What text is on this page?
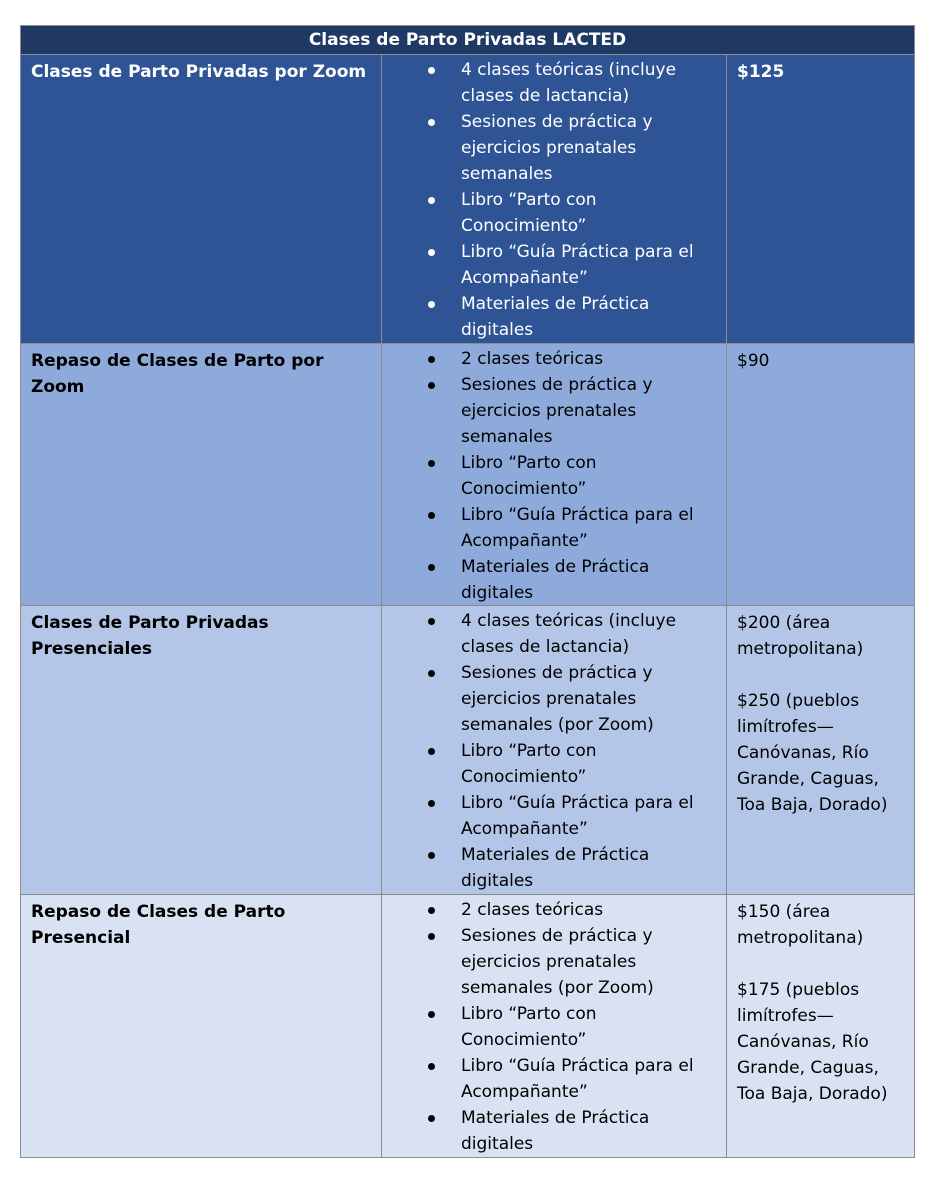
Clases de Parto Privadas LACTED
Clases de Parto Privadas por Zoom	4 clases teóricas (incluye clases de lactancia)
Sesiones de práctica y ejercicios prenatales semanales
Libro “Parto con Conocimiento”
Libro “Guía Práctica para el Acompañante”
Materiales de Práctica digitales
$125
Repaso de Clases de Parto por Zoom
2 clases teóricas
Sesiones de práctica y ejercicios prenatales semanales
Libro “Parto con Conocimiento”
Libro “Guía Práctica para el Acompañante”
Materiales de Práctica digitales
$90
Clases de Parto Privadas Presenciales
4 clases teóricas (incluye clases de lactancia)
Sesiones de práctica y ejercicios prenatales semanales (por Zoom)
Libro “Parto con Conocimiento”
Libro “Guía Práctica para el Acompañante”
Materiales de Práctica digitales
$200 (área metropolitana)
$250 (pueblos limítrofes—Canóvanas, Río Grande, Caguas, Toa Baja, Dorado)
Repaso de Clases de Parto Presencial
2 clases teóricas
Sesiones de práctica y ejercicios prenatales semanales (por Zoom)
Libro “Parto con Conocimiento”
Libro “Guía Práctica para el Acompañante”
Materiales de Práctica digitales
$150 (área metropolitana)
$175 (pueblos limítrofes—Canóvanas, Río Grande, Caguas, Toa Baja, Dorado)
